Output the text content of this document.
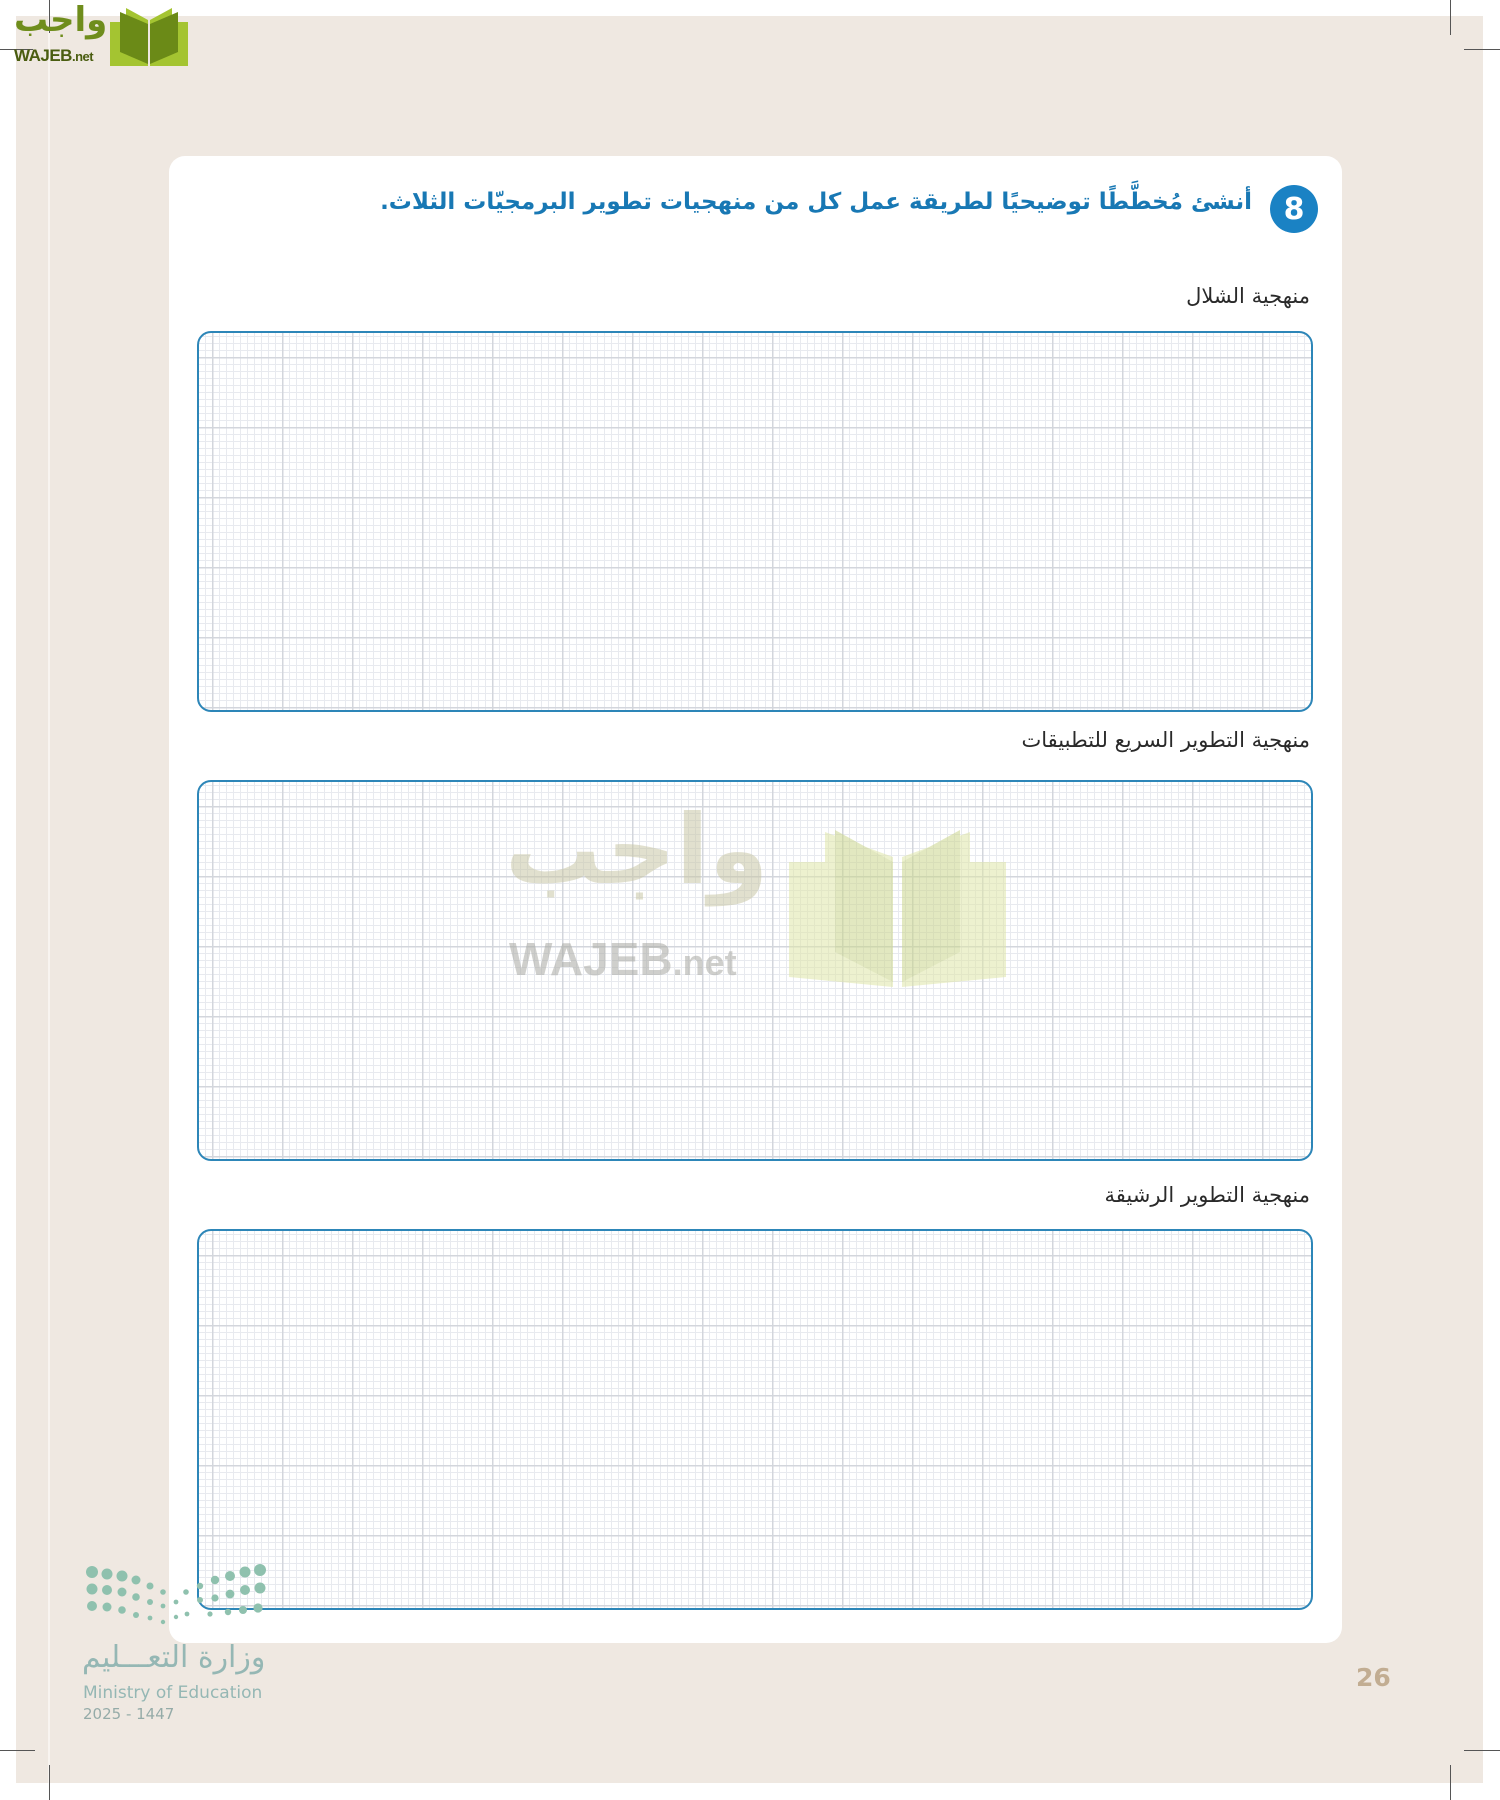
واجب
WAJEB.net
8
أنشئ مُخطَّطًا توضيحيًا لطريقة عمل كل من منهجيات تطوير البرمجيّات الثلاث.
منهجية الشلال
منهجية التطوير السريع للتطبيقات
منهجية التطوير الرشيقة
واجب
WAJEB.net
وزارة التعـــليم
Ministry of Education
2025 - 1447
26
